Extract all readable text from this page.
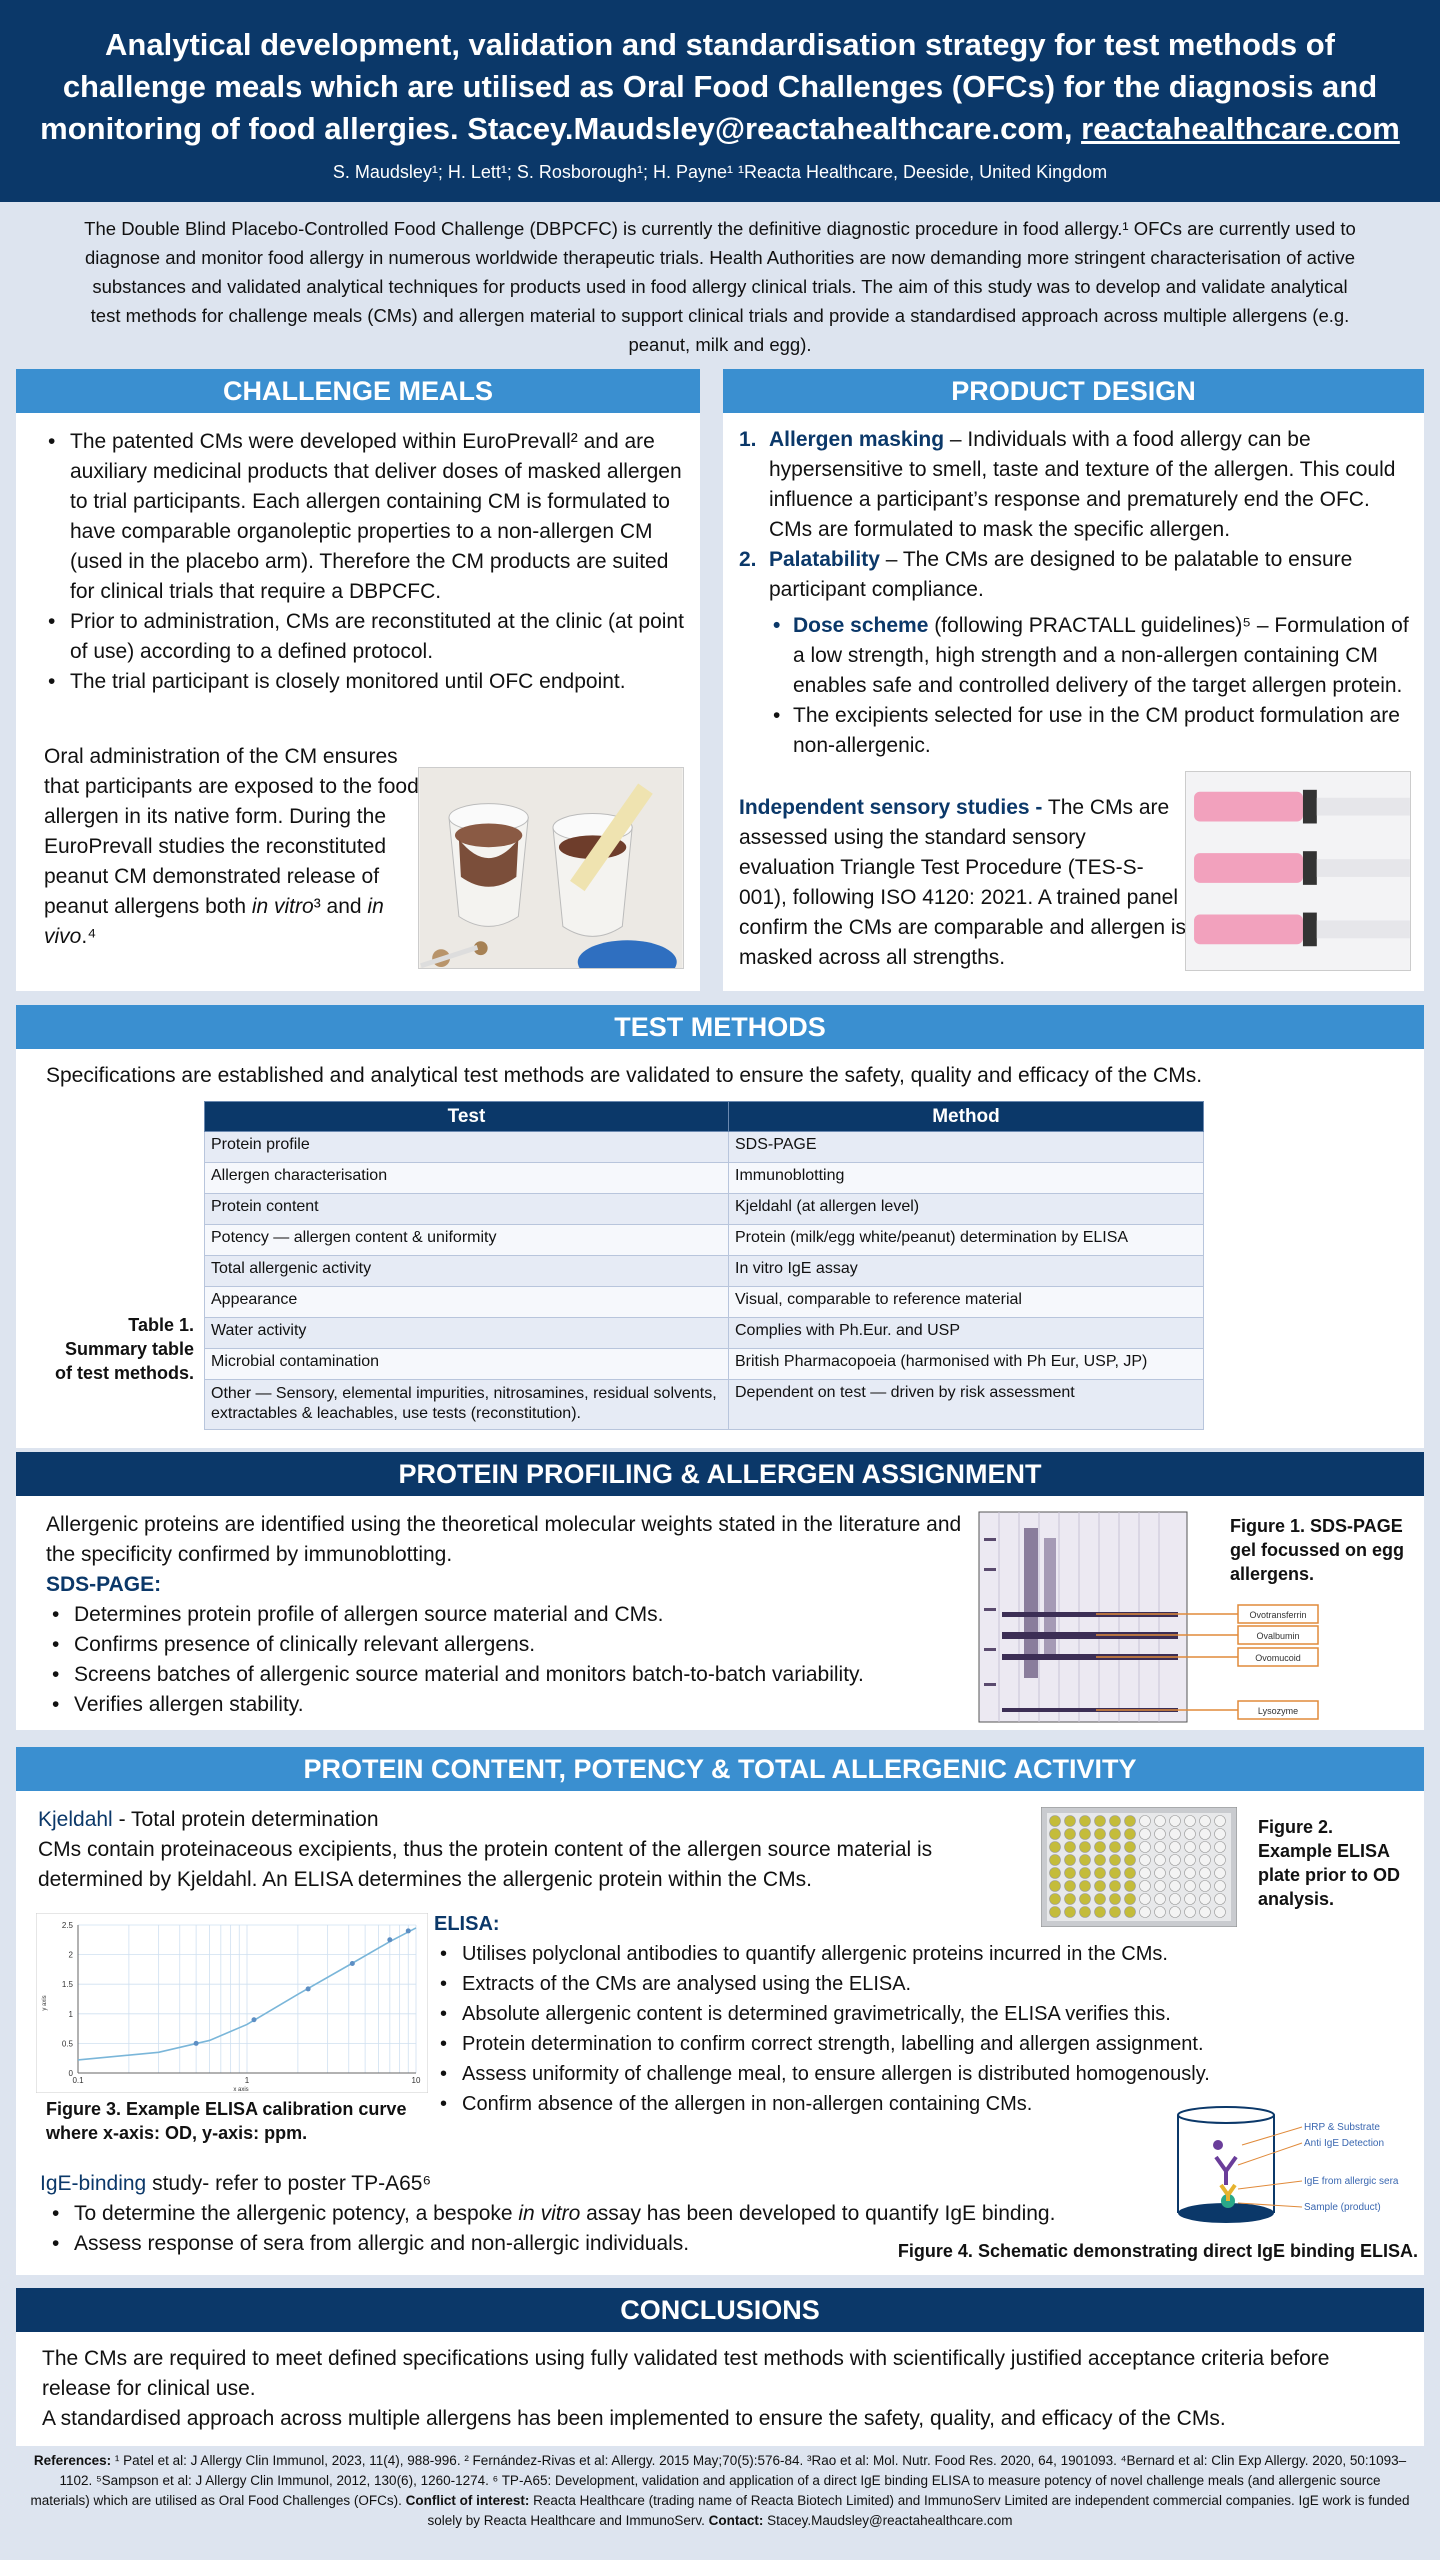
Analytical development, validation and standardisation strategy for test methods of challenge meals which are utilised as Oral Food Challenges (OFCs) for the diagnosis and monitoring of food allergies. Stacey.Maudsley@reactahealthcare.com, reactahealthcare.com
S. Maudsley¹; H. Lett¹; S. Rosborough¹; H. Payne¹ ¹Reacta Healthcare, Deeside, United Kingdom
The Double Blind Placebo-Controlled Food Challenge (DBPCFC) is currently the definitive diagnostic procedure in food allergy.¹ OFCs are currently used to diagnose and monitor food allergy in numerous worldwide therapeutic trials. Health Authorities are now demanding more stringent characterisation of active substances and validated analytical techniques for products used in food allergy clinical trials. The aim of this study was to develop and validate analytical test methods for challenge meals (CMs) and allergen material to support clinical trials and provide a standardised approach across multiple allergens (e.g. peanut, milk and egg).
CHALLENGE MEALS
• The patented CMs were developed within EuroPrevall² and are auxiliary medicinal products that deliver doses of masked allergen to trial participants. Each allergen containing CM is formulated to have comparable organoleptic properties to a non-allergen CM (used in the placebo arm). Therefore the CM products are suited for clinical trials that require a DBPCFC.
• Prior to administration, CMs are reconstituted at the clinic (at point of use) according to a defined protocol.
• The trial participant is closely monitored until OFC endpoint.
Oral administration of the CM ensures that participants are exposed to the food allergen in its native form. During the EuroPrevall studies the reconstituted peanut CM demonstrated release of peanut allergens both in vitro³ and in vivo.⁴
PRODUCT DESIGN
1. Allergen masking – Individuals with a food allergy can be hypersensitive to smell, taste and texture of the allergen. This could influence a participant’s response and prematurely end the OFC. CMs are formulated to mask the specific allergen.
2. Palatability – The CMs are designed to be palatable to ensure participant compliance.
• Dose scheme (following PRACTALL guidelines)⁵ – Formulation of a low strength, high strength and a non-allergen containing CM enables safe and controlled delivery of the target allergen protein.
• The excipients selected for use in the CM product formulation are non-allergenic.
Independent sensory studies - The CMs are assessed using the standard sensory evaluation Triangle Test Procedure (TES-S-001), following ISO 4120: 2021. A trained panel confirm the CMs are comparable and allergen is masked across all strengths.
TEST METHODS
Specifications are established and analytical test methods are validated to ensure the safety, quality and efficacy of the CMs.
Test	Method
Protein profile	SDS-PAGE
Allergen characterisation	Immunoblotting
Protein content	Kjeldahl (at allergen level)
Potency — allergen content & uniformity	Protein (milk/egg white/peanut) determination by ELISA
Total allergenic activity	In vitro IgE assay
Appearance	Visual, comparable to reference material
Water activity	Complies with Ph.Eur. and USP
Microbial contamination	British Pharmacopoeia (harmonised with Ph Eur, USP, JP)
Other — Sensory, elemental impurities, nitrosamines, residual solvents, extractables & leachables, use tests (reconstitution).	Dependent on test — driven by risk assessment
Table 1. Summary table of test methods.
PROTEIN PROFILING & ALLERGEN ASSIGNMENT
Allergenic proteins are identified using the theoretical molecular weights stated in the literature and the specificity confirmed by immunoblotting.
SDS-PAGE:
• Determines protein profile of allergen source material and CMs.
• Confirms presence of clinically relevant allergens.
• Screens batches of allergenic source material and monitors batch-to-batch variability.
• Verifies allergen stability.
Ovotransferrin
Ovalbumin
Ovomucoid
Lysozyme
Figure 1. SDS-PAGE gel focussed on egg allergens.
PROTEIN CONTENT, POTENCY & TOTAL ALLERGENIC ACTIVITY
Kjeldahl - Total protein determination
CMs contain proteinaceous excipients, thus the protein content of the allergen source material is determined by Kjeldahl. An ELISA determines the allergenic protein within the CMs.
Figure 2. Example ELISA plate prior to OD analysis.
0.1	1	10
0
0.5
1
1.5
2
2.5
x axis
y axis
Figure 3. Example ELISA calibration curve where x-axis: OD, y-axis: ppm.
ELISA:
• Utilises polyclonal antibodies to quantify allergenic proteins incurred in the CMs.
• Extracts of the CMs are analysed using the ELISA.
• Absolute allergenic content is determined gravimetrically, the ELISA verifies this.
• Protein determination to confirm correct strength, labelling and allergen assignment.
• Assess uniformity of challenge meal, to ensure allergen is distributed homogenously.
• Confirm absence of the allergen in non-allergen containing CMs.
IgE-binding study- refer to poster TP-A65⁶
• To determine the allergenic potency, a bespoke in vitro assay has been developed to quantify IgE binding.
• Assess response of sera from allergic and non-allergic individuals.
HRP & Substrate
Anti IgE Detection
IgE from allergic sera
Sample (product)
Figure 4. Schematic demonstrating direct IgE binding ELISA.
CONCLUSIONS
The CMs are required to meet defined specifications using fully validated test methods with scientifically justified acceptance criteria before release for clinical use.
A standardised approach across multiple allergens has been implemented to ensure the safety, quality, and efficacy of the CMs.
References: ¹ Patel et al: J Allergy Clin Immunol, 2023, 11(4), 988-996. ² Fernández-Rivas et al: Allergy. 2015 May;70(5):576-84. ³Rao et al: Mol. Nutr. Food Res. 2020, 64, 1901093. ⁴Bernard et al: Clin Exp Allergy. 2020, 50:1093–1102. ⁵Sampson et al: J Allergy Clin Immunol, 2012, 130(6), 1260-1274. ⁶ TP-A65: Development, validation and application of a direct IgE binding ELISA to measure potency of novel challenge meals (and allergenic source materials) which are utilised as Oral Food Challenges (OFCs). Conflict of interest: Reacta Healthcare (trading name of Reacta Biotech Limited) and ImmunoServ Limited are independent commercial companies. IgE work is funded solely by Reacta Healthcare and ImmunoServ. Contact: Stacey.Maudsley@reactahealthcare.com
